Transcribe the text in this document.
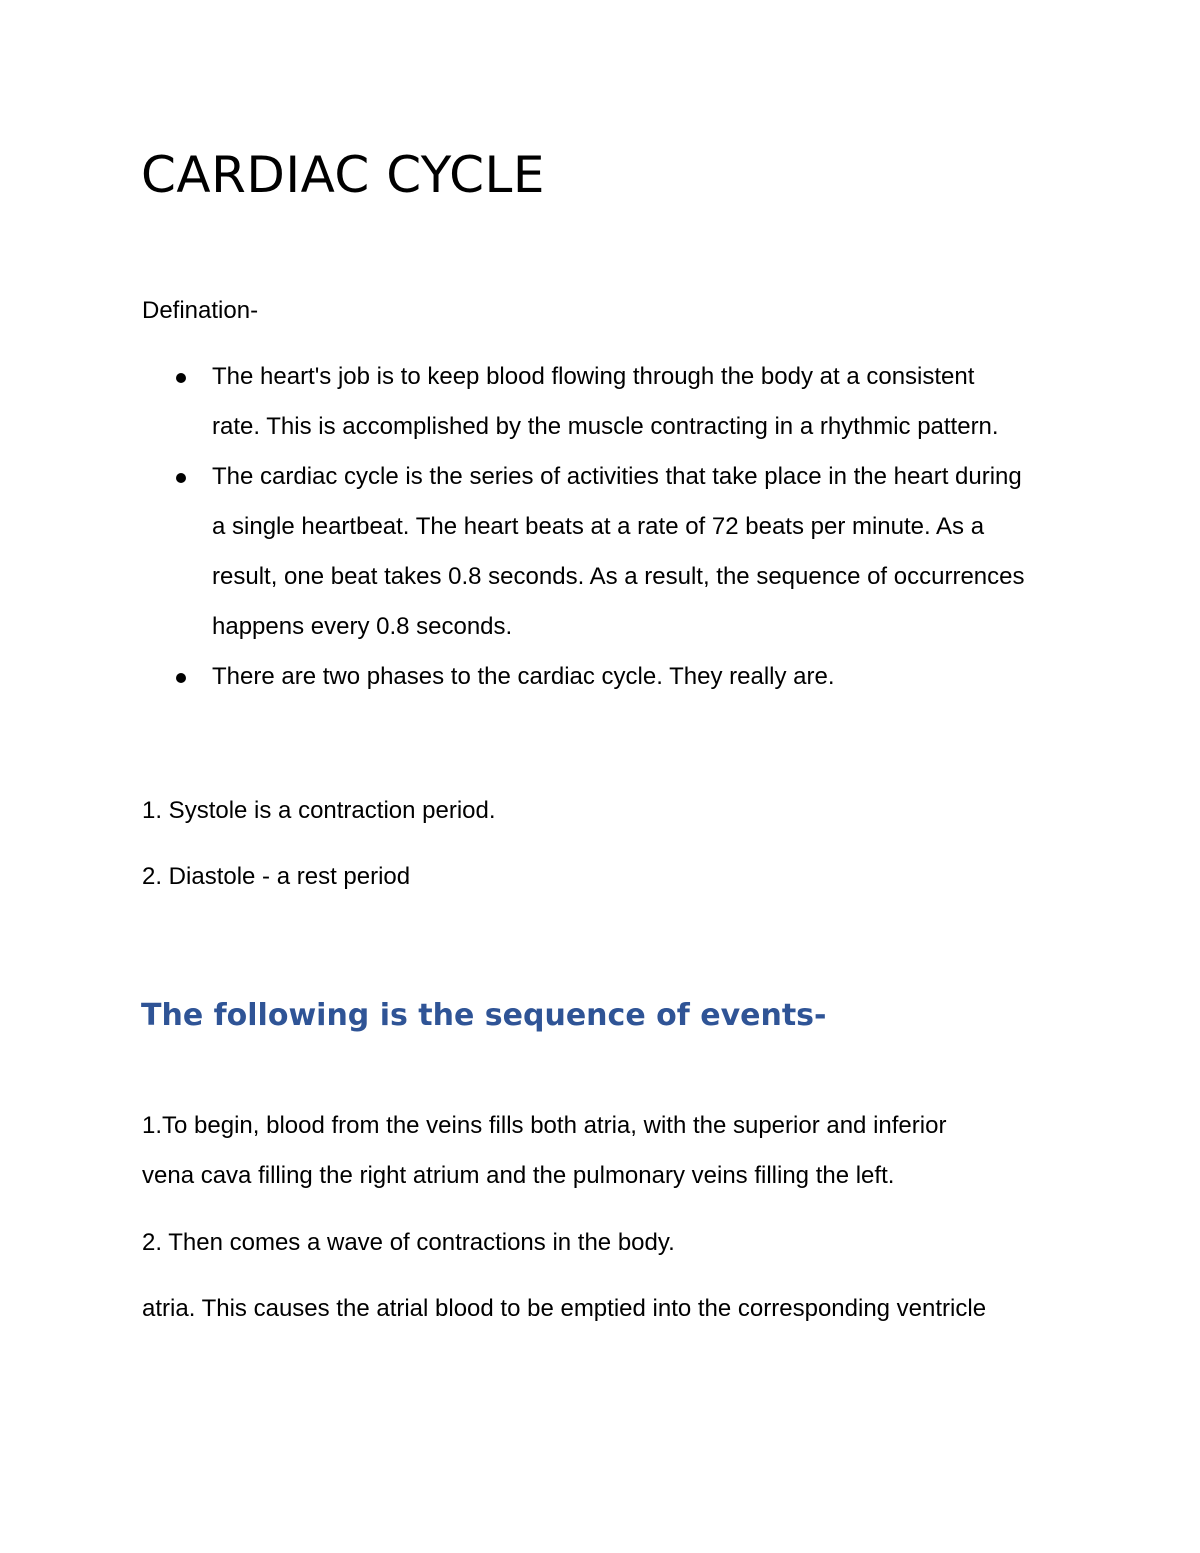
CARDIAC CYCLE

Defination-

The heart's job is to keep blood flowing through the body at a consistent
rate. This is accomplished by the muscle contracting in a rhythmic pattern.
The cardiac cycle is the series of activities that take place in the heart during
a single heartbeat. The heart beats at a rate of 72 beats per minute. As a
result, one beat takes 0.8 seconds. As a result, the sequence of occurrences
happens every 0.8 seconds.
There are two phases to the cardiac cycle. They really are.

1. Systole is a contraction period.

2. Diastole - a rest period

The following is the sequence of events-
1.To begin, blood from the veins fills both atria, with the superior and inferior
vena cava filling the right atrium and the pulmonary veins filling the left.

2. Then comes a wave of contractions in the body.

atria. This causes the atrial blood to be emptied into the corresponding ventricle
